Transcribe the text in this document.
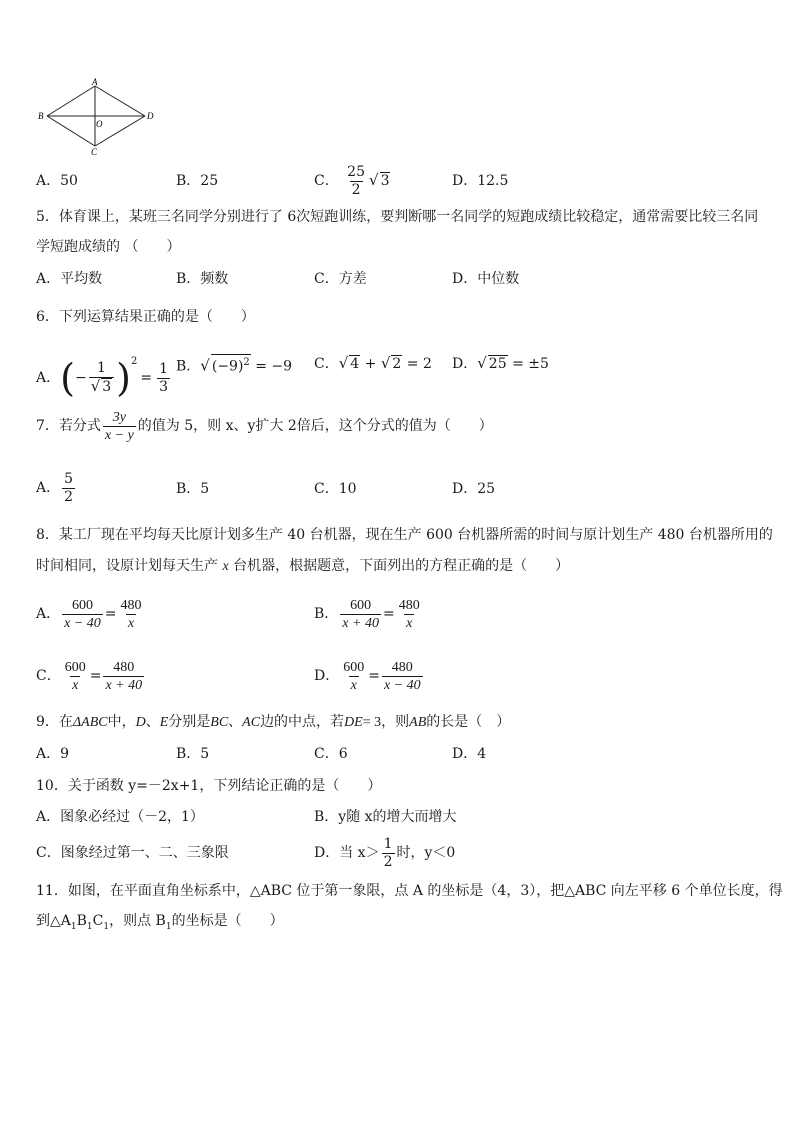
A
B	D
C
O
A．50	B．25	C． $\frac{25}{2}$ √ 3	D．12.5
5．体育课上，某班三名同学分别进行了 6次短跑训练，要判断哪一名同学的短跑成绩比较稳定，通常需要比较三名同
学短跑成绩的 （　　）
A．平均数	B．频数	C．方差	D．中位数
6．下列运算结果正确的是（　　）
A．(− $\frac{1}{√ 3} )^2= \frac{1}{3}$ B．√ $(-9)^2 = -9$ C．√ 4 + √ 2 = 2 D．√ 25 = ±5
7．若分式 $\frac{3y}{x - y}$ 的值为 5，则 x、y扩大 2倍后，这个分式的值为（　　）
A． $\frac{5}{2}$	B．5	C．10	D．25
8．某工厂现在平均每天比原计划多生产 40 台机器，现在生产 600 台机器所需的时间与原计划生产 480 台机器所用的
时间相同，设原计划每天生产 x 台机器，根据题意，下面列出的方程正确的是（　　）
A． $\frac{600}{x - 40} = \frac{480}{x}$	B． $\frac{600}{x + 40} = \frac{480}{x}$
C． $\frac{600}{x} = \frac{480}{x + 40}$	D． $\frac{600}{x} = \frac{480}{x - 40}$
9．在ΔABC中，D、E分别是BC、AC边的中点，若DE= 3，则AB的长是（　）
A．9	B．5	C．6	D．4
10．关于函数 y=－2x+1，下列结论正确的是（　　）
A．图象必经过（－2，1）	B．y随 x的增大而增大
C．图象经过第一、二、三象限	D．当 $x> \frac{1}{2}$ 时，y＜0
11．如图，在平面直角坐标系中，△ABC 位于第一象限，点 A 的坐标是（4，3），把△ABC 向左平移 6 个单位长度，得
到$\triangle A_1B_1C_1$，则点 $B_1$的坐标是（　　）
